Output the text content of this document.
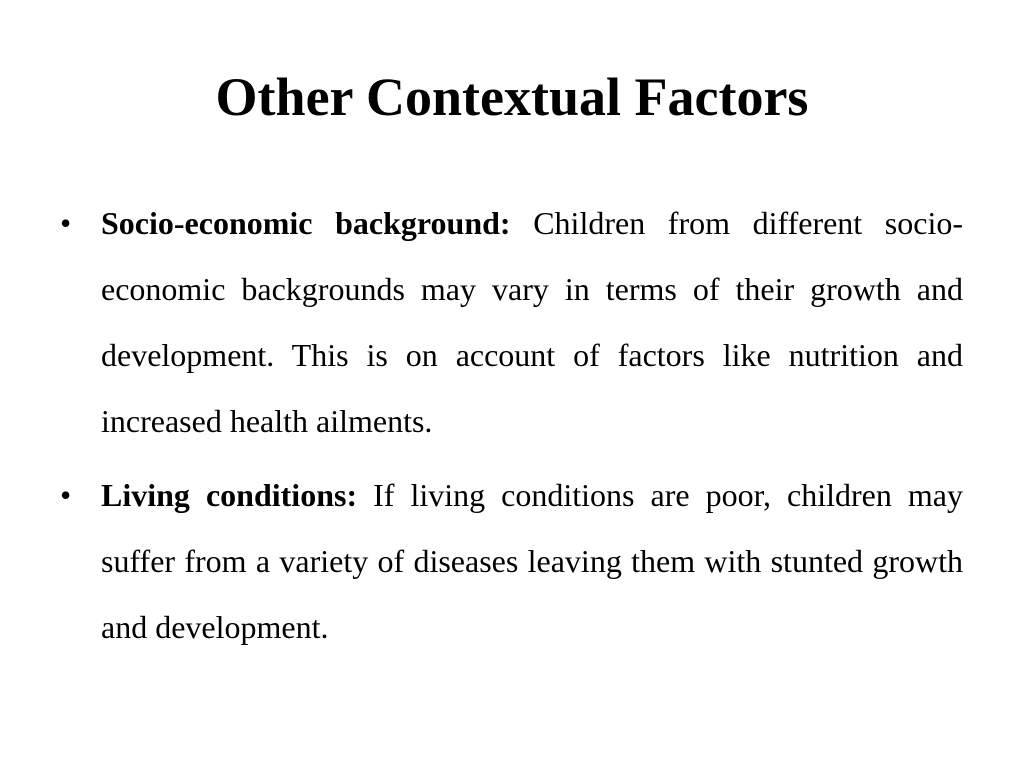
Other Contextual Factors
• Socio-economic background: Children from different socio-economic backgrounds may vary in terms of their growth and development. This is on account of factors like nutrition and increased health ailments.
• Living conditions: If living conditions are poor, children may suffer from a variety of diseases leaving them with stunted growth and development.
